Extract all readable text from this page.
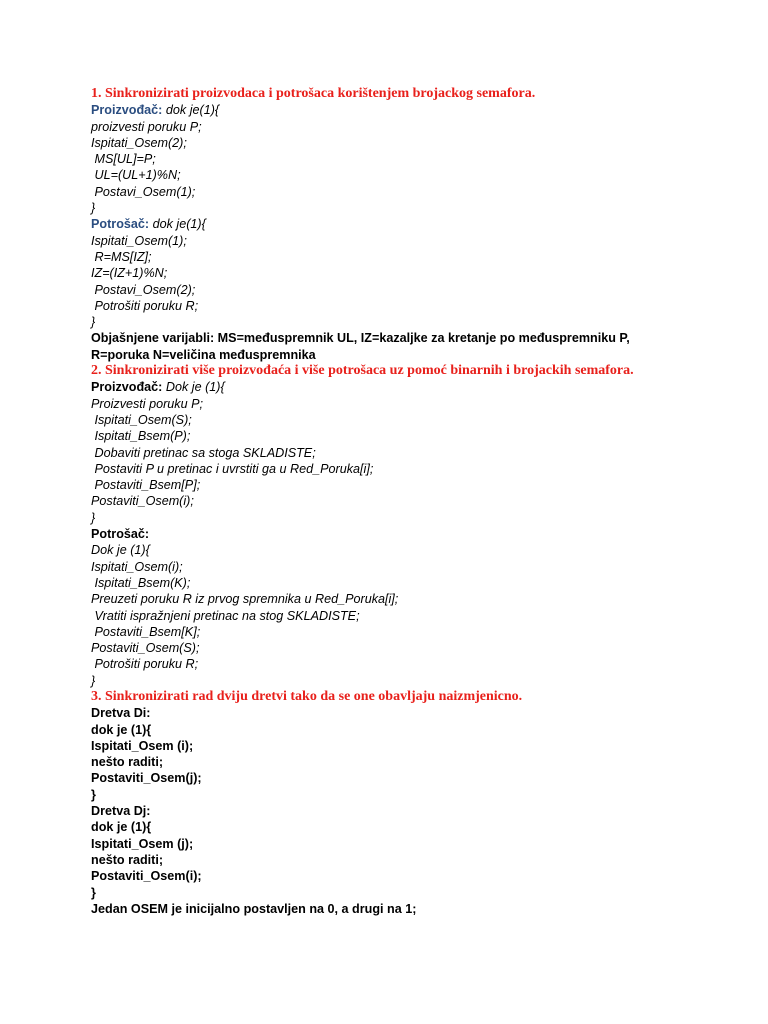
1. Sinkronizirati proizvodaca i potrošaca korištenjem brojackog semafora.
Proizvođač: dok je(1){
proizvesti poruku P;
Ispitati_Osem(2);
MS[UL]=P;
UL=(UL+1)%N;
Postavi_Osem(1);
}
Potrošač: dok je(1){
Ispitati_Osem(1);
R=MS[IZ];
IZ=(IZ+1)%N;
Postavi_Osem(2);
Potrošiti poruku R;
}
Objašnjene varijabli: MS=međuspremnik UL, IZ=kazaljke za kretanje po međuspremniku P, R=poruka N=veličina međuspremnika
2. Sinkronizirati više proizvođaća i više potrošaca uz pomoć binarnih i brojackih semafora.
Proizvođač: Dok je (1){
Proizvesti poruku P;
Ispitati_Osem(S);
Ispitati_Bsem(P);
Dobaviti pretinac sa stoga SKLADISTE;
Postaviti P u pretinac i uvrstiti ga u Red_Poruka[i];
Postaviti_Bsem[P];
Postaviti_Osem(i);
}
Potrošač:
Dok je (1){
Ispitati_Osem(i);
Ispitati_Bsem(K);
Preuzeti poruku R iz prvog spremnika u Red_Poruka[i];
Vratiti ispražnjeni pretinac na stog SKLADISTE;
Postaviti_Bsem[K];
Postaviti_Osem(S);
Potrošiti poruku R;
}
3. Sinkronizirati rad dviju dretvi tako da se one obavljaju naizmjenicno.
Dretva Di:
dok je (1){
Ispitati_Osem (i);
nešto raditi;
Postaviti_Osem(j);
}
Dretva Dj:
dok je (1){
Ispitati_Osem (j);
nešto raditi;
Postaviti_Osem(i);
}
Jedan OSEM je inicijalno postavljen na 0, a drugi na 1;
